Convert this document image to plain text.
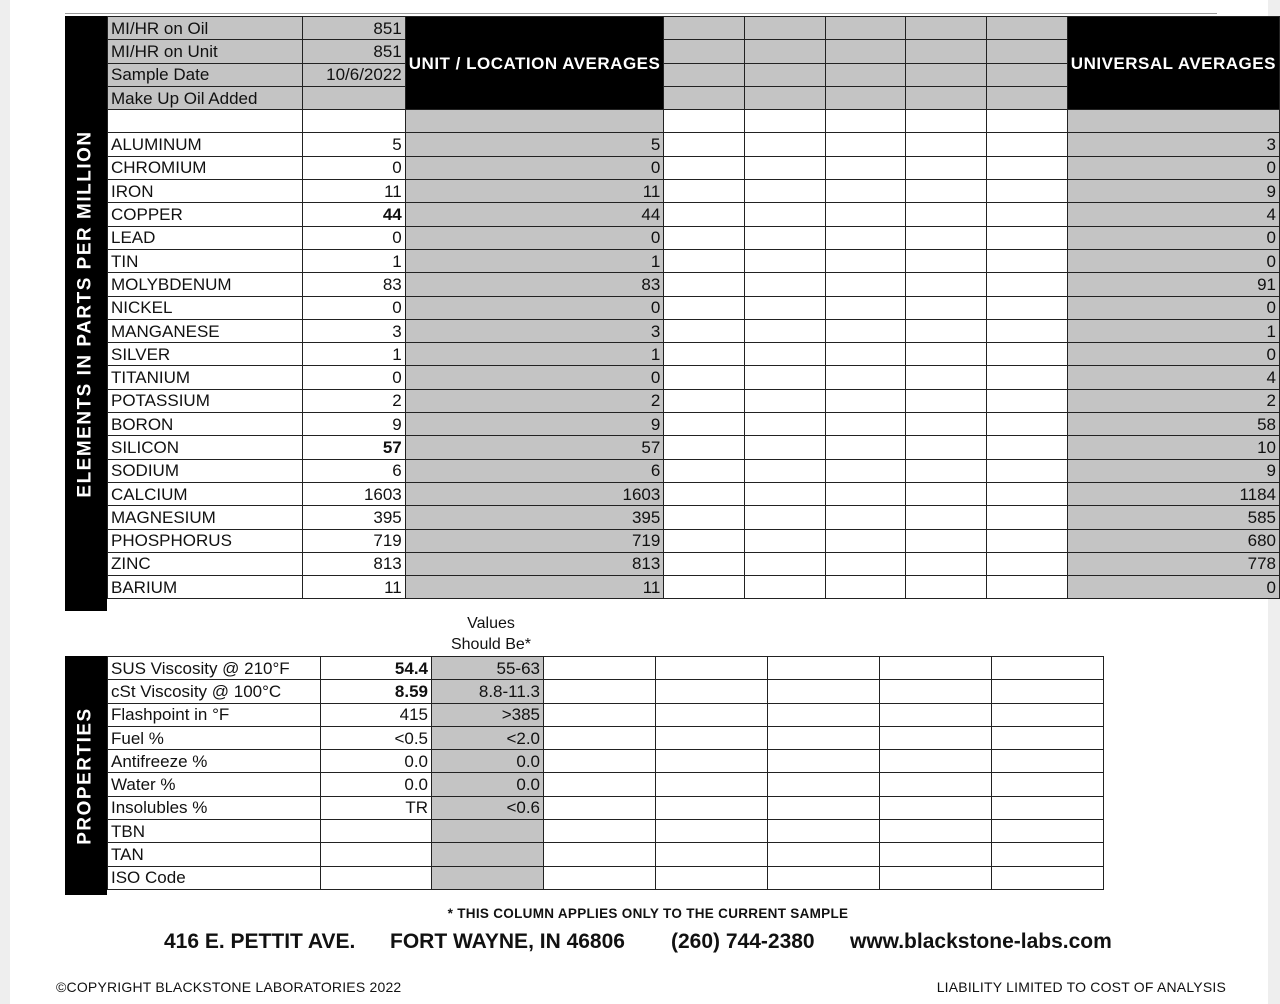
ELEMENTS IN PARTS PER MILLION
MI/HR on Oil	851	UNIT / LOCATION AVERAGES						UNIVERSAL AVERAGES
MI/HR on Unit	851							
Sample Date	10/6/2022							
Make Up Oil Added								

ALUMINUM	5	5						3
CHROMIUM	0	0						0
IRON	11	11						9
COPPER	44	44						4
LEAD	0	0						0
TIN	1	1						0
MOLYBDENUM	83	83						91
NICKEL	0	0						0
MANGANESE	3	3						1
SILVER	1	1						0
TITANIUM	0	0						4
POTASSIUM	2	2						2
BORON	9	9						58
SILICON	57	57						10
SODIUM	6	6						9
CALCIUM	1603	1603						1184
MAGNESIUM	395	395						585
PHOSPHORUS	719	719						680
ZINC	813	813						778
BARIUM	11	11						0
Values
Should Be*
PROPERTIES
SUS Viscosity @ 210°F	54.4	55-63					
cSt Viscosity @ 100°C	8.59	8.8-11.3					
Flashpoint in °F	415	>385					
Fuel %	<0.5	<2.0					
Antifreeze %	0.0	0.0					
Water %	0.0	0.0					
Insolubles %	TR	<0.6					
TBN							
TAN							
ISO Code							
* THIS COLUMN APPLIES ONLY TO THE CURRENT SAMPLE
416 E. PETTIT AVE. FORT WAYNE, IN 46806 (260) 744-2380 www.blackstone-labs.com
©COPYRIGHT BLACKSTONE LABORATORIES 2022	LIABILITY LIMITED TO COST OF ANALYSIS
